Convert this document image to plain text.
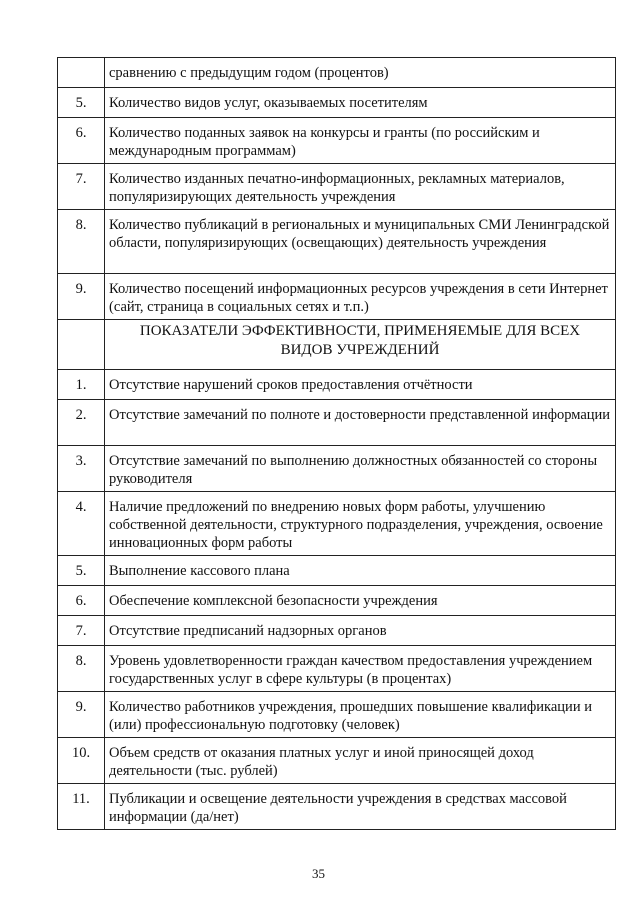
	сравнению с предыдущим годом (процентов)
5.	Количество видов услуг, оказываемых посетителям
6.	Количество поданных заявок на конкурсы и гранты (по российским и международным программам)
7.	Количество изданных печатно-информационных, рекламных материалов, популяризирующих деятельность учреждения
8.	Количество публикаций в региональных и муниципальных СМИ Ленинградской области, популяризирующих (освещающих) деятельность учреждения
9.	Количество посещений информационных ресурсов учреждения в сети Интернет (сайт, страница в социальных сетях и т.п.)
	ПОКАЗАТЕЛИ ЭФФЕКТИВНОСТИ, ПРИМЕНЯЕМЫЕ ДЛЯ ВСЕХ ВИДОВ УЧРЕЖДЕНИЙ
1.	Отсутствие нарушений сроков предоставления отчётности
2.	Отсутствие замечаний по полноте и достоверности представленной информации
3.	Отсутствие замечаний по выполнению должностных обязанностей со стороны руководителя
4.	Наличие предложений по внедрению новых форм работы, улучшению собственной деятельности, структурного подразделения, учреждения, освоение инновационных форм работы
5.	Выполнение кассового плана
6.	Обеспечение комплексной безопасности учреждения
7.	Отсутствие предписаний надзорных органов
8.	Уровень удовлетворенности граждан качеством предоставления учреждением государственных услуг в сфере культуры (в процентах)
9.	Количество работников учреждения, прошедших повышение квалификации и (или) профессиональную подготовку (человек)
10.	Объем средств от оказания платных услуг и иной приносящей доход деятельности (тыс. рублей)
11.	Публикации и освещение деятельности учреждения в средствах массовой информации (да/нет)
35
